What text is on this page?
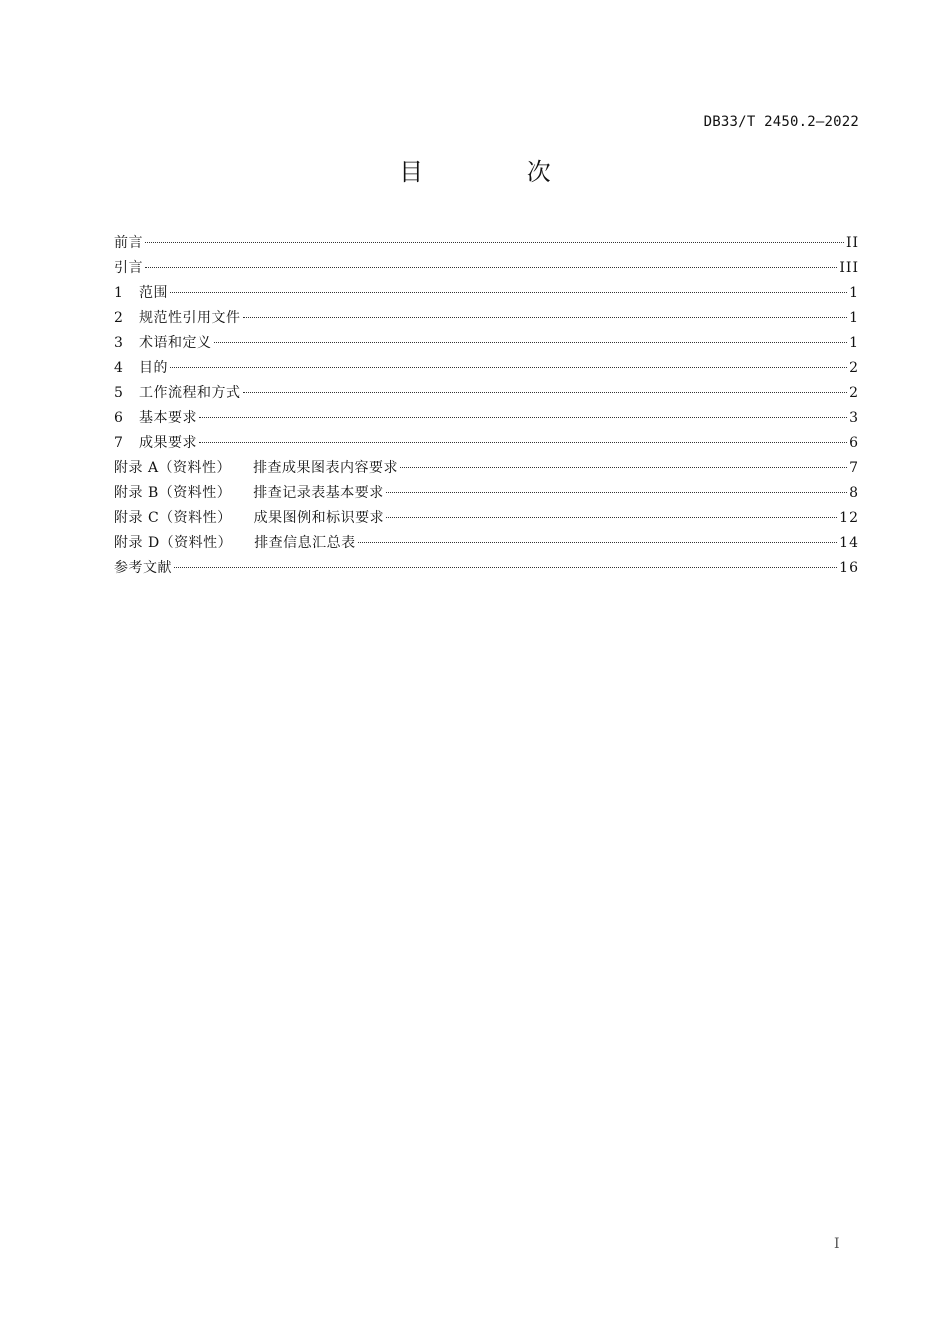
DB33/T 2450.2—2022
目 次
前言	II
引言	III
1	范围	1
2	规范性引用文件	1
3	术语和定义	1
4	目的	2
5	工作流程和方式	2
6	基本要求	3
7	成果要求	6
附录 A（资料性） 排查成果图表内容要求	7
附录 B（资料性） 排查记录表基本要求	8
附录 C（资料性） 成果图例和标识要求	12
附录 D（资料性） 排查信息汇总表	14
参考文献	16
I
